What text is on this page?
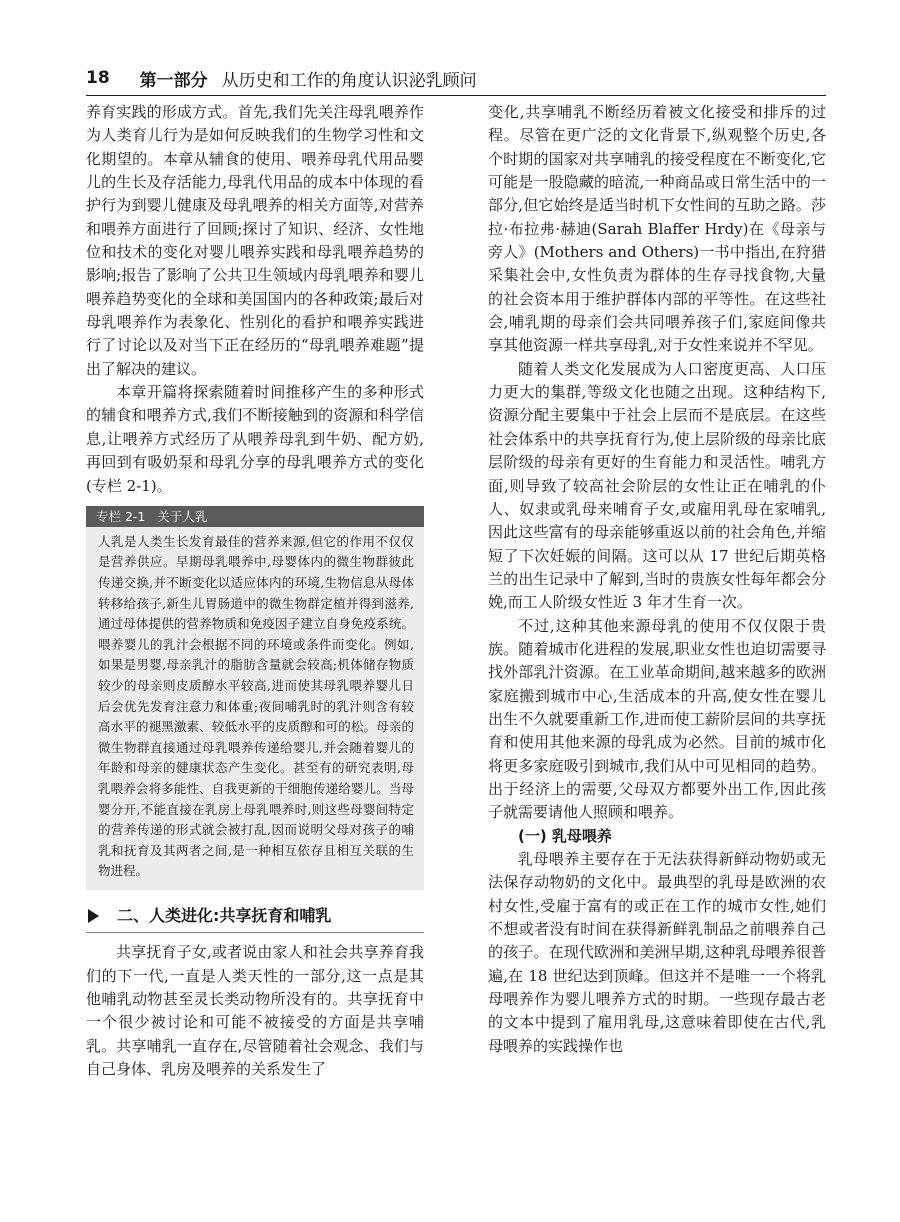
18 第一部分 从历史和工作的角度认识泌乳顾问

养育实践的形成方式。首先,我们先关注母乳喂养作为人类育儿行为是如何反映我们的生物学习性和文化期望的。本章从辅食的使用、喂养母乳代用品婴儿的生长及存活能力,母乳代用品的成本中体现的看护行为到婴儿健康及母乳喂养的相关方面等,对营养和喂养方面进行了回顾;探讨了知识、经济、女性地位和技术的变化对婴儿喂养实践和母乳喂养趋势的影响;报告了影响了公共卫生领域内母乳喂养和婴儿喂养趋势变化的全球和美国国内的各种政策;最后对母乳喂养作为表象化、性别化的看护和喂养实践进行了讨论以及对当下正在经历的“母乳喂养难题”提出了解决的建议。

本章开篇将探索随着时间推移产生的多种形式的辅食和喂养方式,我们不断接触到的资源和科学信息,让喂养方式经历了从喂养母乳到牛奶、配方奶,再回到有吸奶泵和母乳分享的母乳喂养方式的变化(专栏 2-1)。

专栏 2-1 关于人乳
人乳是人类生长发育最佳的营养来源,但它的作用不仅仅是营养供应。早期母乳喂养中,母婴体内的微生物群彼此传递交换,并不断变化以适应体内的环境,生物信息从母体转移给孩子,新生儿胃肠道中的微生物群定植并得到滋养,通过母体提供的营养物质和免疫因子建立自身免疫系统。喂养婴儿的乳汁会根据不同的环境或条件而变化。例如,如果是男婴,母亲乳汁的脂肪含量就会较高;机体储存物质较少的母亲则皮质醇水平较高,进而使其母乳喂养婴儿日后会优先发育注意力和体重;夜间哺乳时的乳汁则含有较高水平的褪黑激素、较低水平的皮质醇和可的松。母亲的微生物群直接通过母乳喂养传递给婴儿,并会随着婴儿的年龄和母亲的健康状态产生变化。甚至有的研究表明,母乳喂养会将多能性、自我更新的干细胞传递给婴儿。当母婴分开,不能直接在乳房上母乳喂养时,则这些母婴间特定的营养传递的形式就会被打乱,因而说明父母对孩子的哺乳和抚育及其两者之间,是一种相互依存且相互关联的生物进程。
二、人类进化:共享抚育和哺乳

共享抚育子女,或者说由家人和社会共享养育我们的下一代,一直是人类天性的一部分,这一点是其他哺乳动物甚至灵长类动物所没有的。共享抚育中一个很少被讨论和可能不被接受的方面是共享哺乳。共享哺乳一直存在,尽管随着社会观念、我们与自己身体、乳房及喂养的关系发生了

变化,共享哺乳不断经历着被文化接受和排斥的过程。尽管在更广泛的文化背景下,纵观整个历史,各个时期的国家对共享哺乳的接受程度在不断变化,它可能是一股隐藏的暗流,一种商品或日常生活中的一部分,但它始终是适当时机下女性间的互助之路。莎拉·布拉弗·赫迪(Sarah Blaffer Hrdy)在《母亲与旁人》(Mothers and Others)一书中指出,在狩猎采集社会中,女性负责为群体的生存寻找食物,大量的社会资本用于维护群体内部的平等性。在这些社会,哺乳期的母亲们会共同喂养孩子们,家庭间像共享其他资源一样共享母乳,对于女性来说并不罕见。

随着人类文化发展成为人口密度更高、人口压力更大的集群,等级文化也随之出现。这种结构下,资源分配主要集中于社会上层而不是底层。在这些社会体系中的共享抚育行为,使上层阶级的母亲比底层阶级的母亲有更好的生育能力和灵活性。哺乳方面,则导致了较高社会阶层的女性让正在哺乳的仆人、奴隶或乳母来哺育子女,或雇用乳母在家哺乳,因此这些富有的母亲能够重返以前的社会角色,并缩短了下次妊娠的间隔。这可以从 17 世纪后期英格兰的出生记录中了解到,当时的贵族女性每年都会分娩,而工人阶级女性近 3 年才生育一次。

不过,这种其他来源母乳的使用不仅仅限于贵族。随着城市化进程的发展,职业女性也迫切需要寻找外部乳汁资源。在工业革命期间,越来越多的欧洲家庭搬到城市中心,生活成本的升高,使女性在婴儿出生不久就要重新工作,进而使工薪阶层间的共享抚育和使用其他来源的母乳成为必然。目前的城市化将更多家庭吸引到城市,我们从中可见相同的趋势。出于经济上的需要,父母双方都要外出工作,因此孩子就需要请他人照顾和喂养。

(一) 乳母喂养

乳母喂养主要存在于无法获得新鲜动物奶或无法保存动物奶的文化中。最典型的乳母是欧洲的农村女性,受雇于富有的或正在工作的城市女性,她们不想或者没有时间在获得新鲜乳制品之前喂养自己的孩子。在现代欧洲和美洲早期,这种乳母喂养很普遍,在 18 世纪达到顶峰。但这并不是唯一一个将乳母喂养作为婴儿喂养方式的时期。一些现存最古老的文本中提到了雇用乳母,这意味着即使在古代,乳母喂养的实践操作也
